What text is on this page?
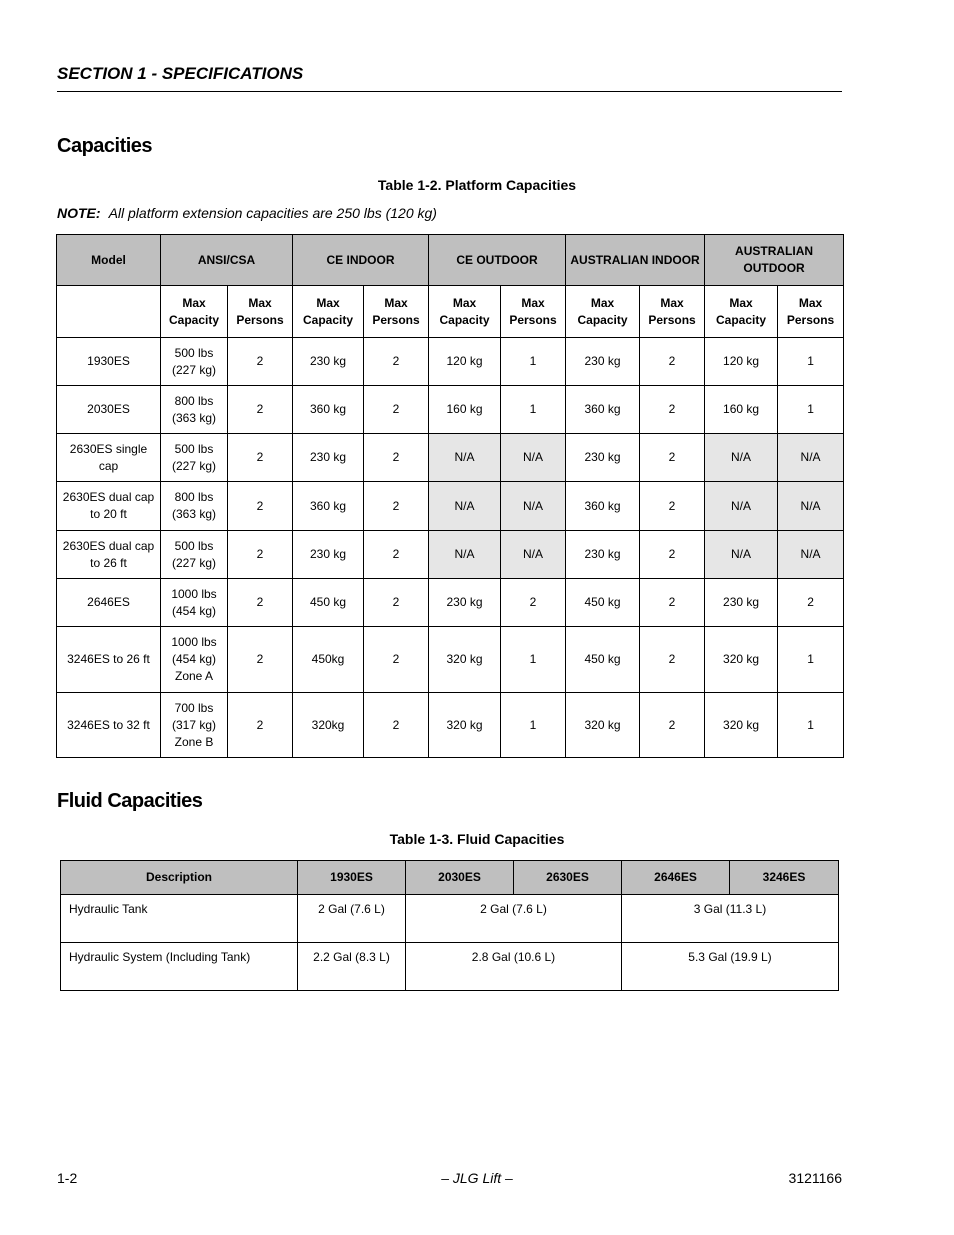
SECTION 1 - SPECIFICATIONS
Capacities
Table 1-2. Platform Capacities
NOTE: All platform extension capacities are 250 lbs (120 kg)
Model	ANSI/CSA		CE INDOOR		CE OUTDOOR		AUSTRALIAN INDOOR		AUSTRALIAN OUTDOOR	
	Max Capacity	Max Persons	Max Capacity	Max Persons	Max Capacity	Max Persons	Max Capacity	Max Persons	Max Capacity	Max Persons
1930ES	500 lbs (227 kg)	2	230 kg	2	120 kg	1	230 kg	2	120 kg	1
2030ES	800 lbs (363 kg)	2	360 kg	2	160 kg	1	360 kg	2	160 kg	1
2630ES single cap	500 lbs (227 kg)	2	230 kg	2	N/A	N/A	230 kg	2	N/A	N/A
2630ES dual cap to 20 ft	800 lbs (363 kg)	2	360 kg	2	N/A	N/A	360 kg	2	N/A	N/A
2630ES dual cap to 26 ft	500 lbs (227 kg)	2	230 kg	2	N/A	N/A	230 kg	2	N/A	N/A
2646ES	1000 lbs (454 kg)	2	450 kg	2	230 kg	2	450 kg	2	230 kg	2
3246ES to 26 ft	1000 lbs (454 kg) Zone A	2	450kg	2	320 kg	1	450 kg	2	320 kg	1
3246ES to 32 ft	700 lbs (317 kg) Zone B	2	320kg	2	320 kg	1	320 kg	2	320 kg	1
Fluid Capacities
Table 1-3. Fluid Capacities
Description	1930ES	2030ES	2630ES	2646ES	3246ES
Hydraulic Tank	2 Gal (7.6 L)	2 Gal (7.6 L)		3 Gal (11.3 L)	
Hydraulic System (Including Tank)	2.2 Gal (8.3 L)	2.8 Gal (10.6 L)		5.3 Gal (19.9 L)	
1-2	– JLG Lift –	3121166
